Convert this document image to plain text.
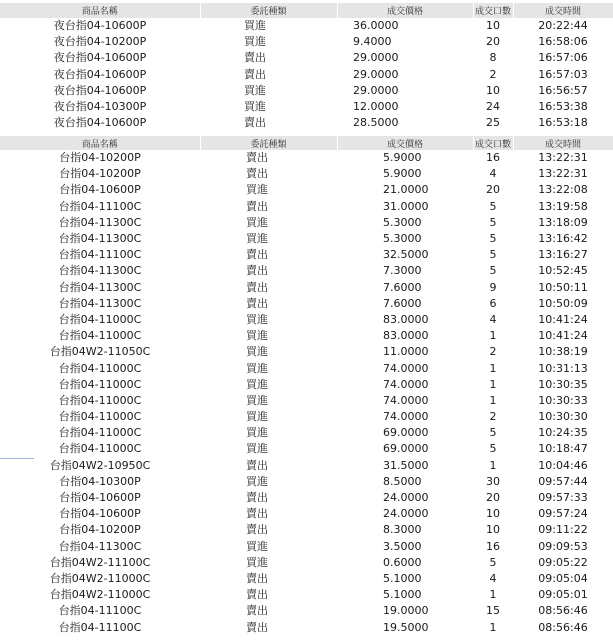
商品名稱	委託種類	成交價格	成交口數	成交時間
夜台指04-10600P	買進	36.0000	10	20:22:44
夜台指04-10200P	買進	9.4000	20	16:58:06
夜台指04-10600P	賣出	29.0000	8	16:57:06
夜台指04-10600P	賣出	29.0000	2	16:57:03
夜台指04-10600P	買進	29.0000	10	16:56:57
夜台指04-10300P	買進	12.0000	24	16:53:38
夜台指04-10600P	賣出	28.5000	25	16:53:18
商品名稱	委託種類	成交價格	成交口數	成交時間
台指04-10200P	賣出	5.9000	16	13:22:31
台指04-10200P	賣出	5.9000	4	13:22:31
台指04-10600P	買進	21.0000	20	13:22:08
台指04-11100C	賣出	31.0000	5	13:19:58
台指04-11300C	買進	5.3000	5	13:18:09
台指04-11300C	買進	5.3000	5	13:16:42
台指04-11100C	賣出	32.5000	5	13:16:27
台指04-11300C	賣出	7.3000	5	10:52:45
台指04-11300C	賣出	7.6000	9	10:50:11
台指04-11300C	賣出	7.6000	6	10:50:09
台指04-11000C	買進	83.0000	4	10:41:24
台指04-11000C	買進	83.0000	1	10:41:24
台指04W2-11050C	買進	11.0000	2	10:38:19
台指04-11000C	買進	74.0000	1	10:31:13
台指04-11000C	買進	74.0000	1	10:30:35
台指04-11000C	買進	74.0000	1	10:30:33
台指04-11000C	買進	74.0000	2	10:30:30
台指04-11000C	買進	69.0000	5	10:24:35
台指04-11000C	買進	69.0000	5	10:18:47
台指04W2-10950C	賣出	31.5000	1	10:04:46
台指04-10300P	買進	8.5000	30	09:57:44
台指04-10600P	賣出	24.0000	20	09:57:33
台指04-10600P	賣出	24.0000	10	09:57:24
台指04-10200P	賣出	8.3000	10	09:11:22
台指04-11300C	買進	3.5000	16	09:09:53
台指04W2-11100C	買進	0.6000	5	09:05:22
台指04W2-11000C	賣出	5.1000	4	09:05:04
台指04W2-11000C	賣出	5.1000	1	09:05:01
台指04-11100C	賣出	19.0000	15	08:56:46
台指04-11100C	賣出	19.5000	1	08:56:46
